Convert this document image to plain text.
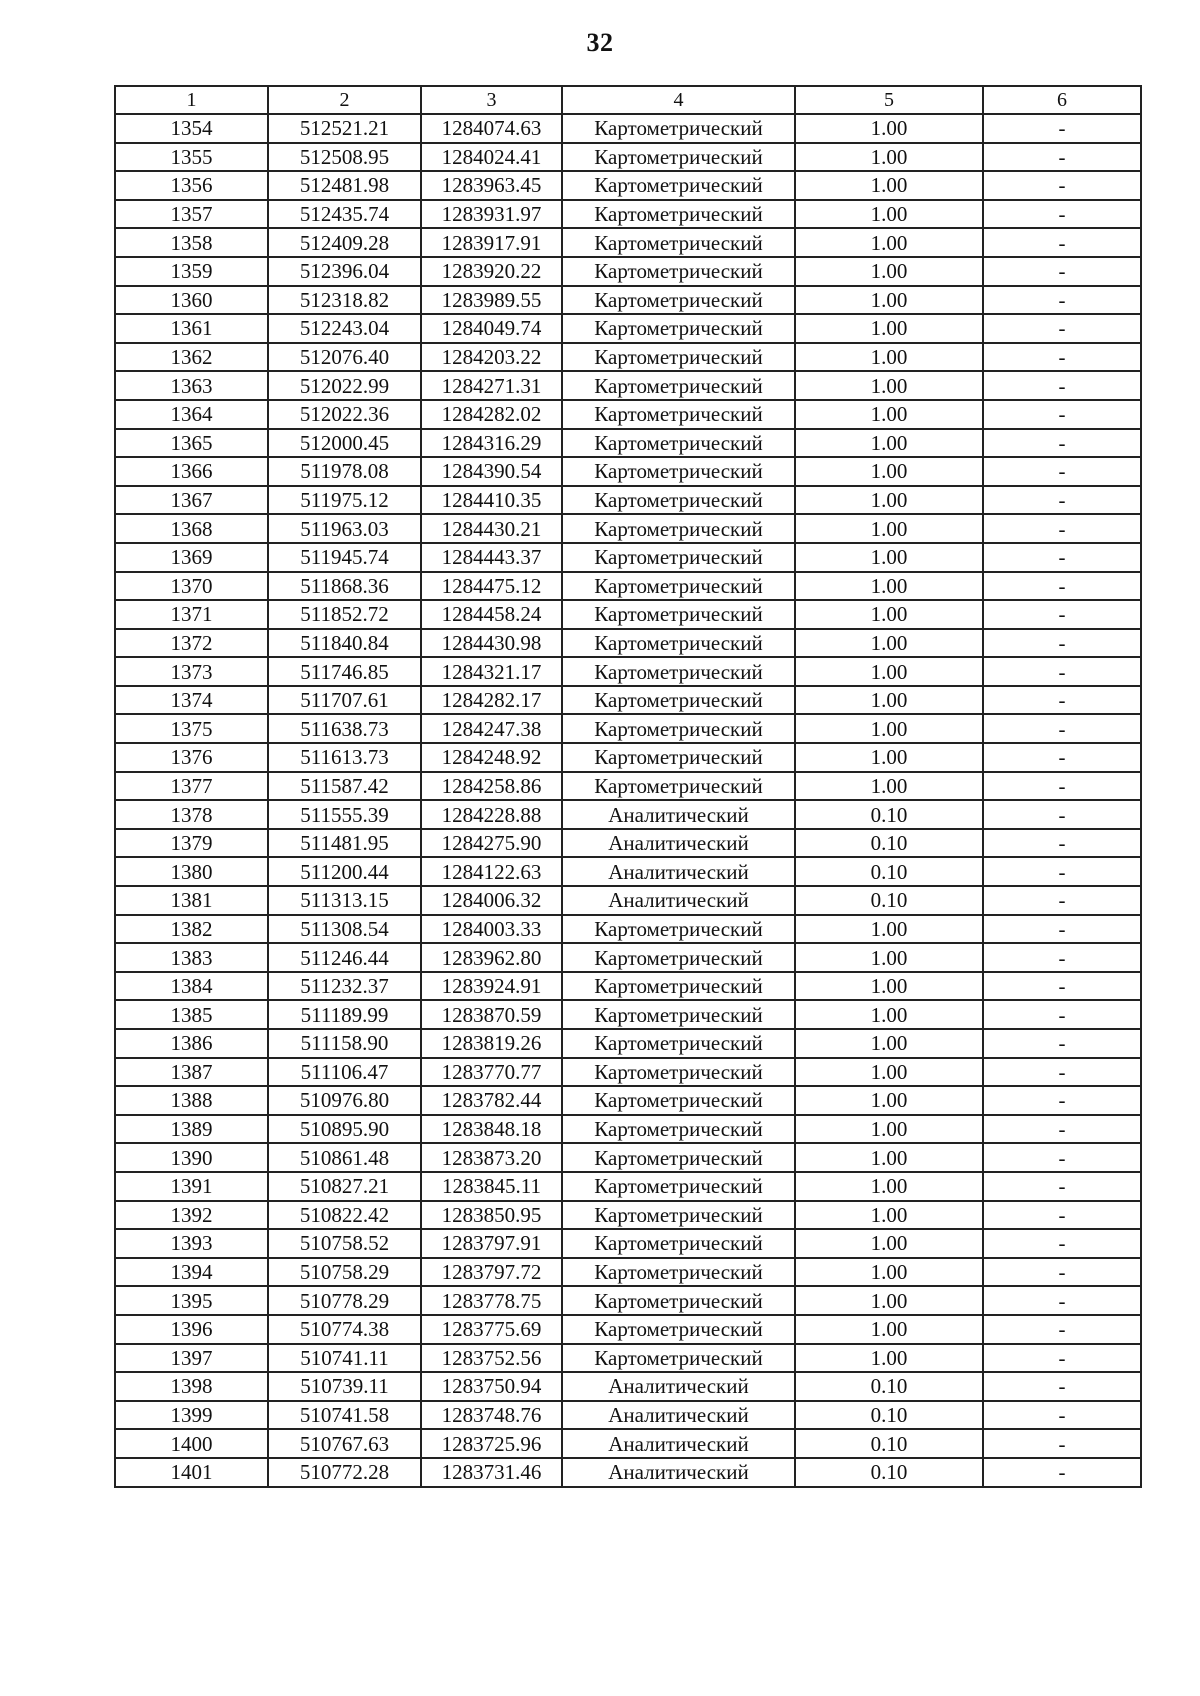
32
1	2	3	4	5	6
1354	512521.21	1284074.63	Картометрический	1.00	-
1355	512508.95	1284024.41	Картометрический	1.00	-
1356	512481.98	1283963.45	Картометрический	1.00	-
1357	512435.74	1283931.97	Картометрический	1.00	-
1358	512409.28	1283917.91	Картометрический	1.00	-
1359	512396.04	1283920.22	Картометрический	1.00	-
1360	512318.82	1283989.55	Картометрический	1.00	-
1361	512243.04	1284049.74	Картометрический	1.00	-
1362	512076.40	1284203.22	Картометрический	1.00	-
1363	512022.99	1284271.31	Картометрический	1.00	-
1364	512022.36	1284282.02	Картометрический	1.00	-
1365	512000.45	1284316.29	Картометрический	1.00	-
1366	511978.08	1284390.54	Картометрический	1.00	-
1367	511975.12	1284410.35	Картометрический	1.00	-
1368	511963.03	1284430.21	Картометрический	1.00	-
1369	511945.74	1284443.37	Картометрический	1.00	-
1370	511868.36	1284475.12	Картометрический	1.00	-
1371	511852.72	1284458.24	Картометрический	1.00	-
1372	511840.84	1284430.98	Картометрический	1.00	-
1373	511746.85	1284321.17	Картометрический	1.00	-
1374	511707.61	1284282.17	Картометрический	1.00	-
1375	511638.73	1284247.38	Картометрический	1.00	-
1376	511613.73	1284248.92	Картометрический	1.00	-
1377	511587.42	1284258.86	Картометрический	1.00	-
1378	511555.39	1284228.88	Аналитический	0.10	-
1379	511481.95	1284275.90	Аналитический	0.10	-
1380	511200.44	1284122.63	Аналитический	0.10	-
1381	511313.15	1284006.32	Аналитический	0.10	-
1382	511308.54	1284003.33	Картометрический	1.00	-
1383	511246.44	1283962.80	Картометрический	1.00	-
1384	511232.37	1283924.91	Картометрический	1.00	-
1385	511189.99	1283870.59	Картометрический	1.00	-
1386	511158.90	1283819.26	Картометрический	1.00	-
1387	511106.47	1283770.77	Картометрический	1.00	-
1388	510976.80	1283782.44	Картометрический	1.00	-
1389	510895.90	1283848.18	Картометрический	1.00	-
1390	510861.48	1283873.20	Картометрический	1.00	-
1391	510827.21	1283845.11	Картометрический	1.00	-
1392	510822.42	1283850.95	Картометрический	1.00	-
1393	510758.52	1283797.91	Картометрический	1.00	-
1394	510758.29	1283797.72	Картометрический	1.00	-
1395	510778.29	1283778.75	Картометрический	1.00	-
1396	510774.38	1283775.69	Картометрический	1.00	-
1397	510741.11	1283752.56	Картометрический	1.00	-
1398	510739.11	1283750.94	Аналитический	0.10	-
1399	510741.58	1283748.76	Аналитический	0.10	-
1400	510767.63	1283725.96	Аналитический	0.10	-
1401	510772.28	1283731.46	Аналитический	0.10	-
